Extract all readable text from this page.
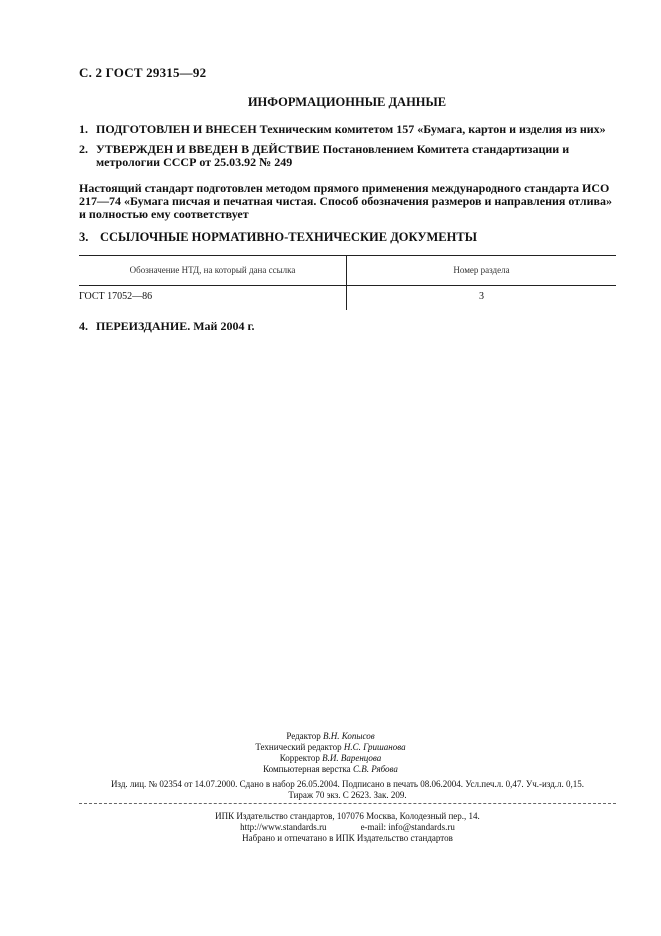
С. 2 ГОСТ 29315—92
ИНФОРМАЦИОННЫЕ ДАННЫЕ
1. ПОДГОТОВЛЕН И ВНЕСЕН Техническим комитетом 157 «Бумага, картон и изделия из них»
2. УТВЕРЖДЕН И ВВЕДЕН В ДЕЙСТВИЕ Постановлением Комитета стандартизации и метрологии СССР от 25.03.92 № 249
Настоящий стандарт подготовлен методом прямого применения международного стандарта ИСО 217—74 «Бумага писчая и печатная чистая. Способ обозначения размеров и направления отлива» и полностью ему соответствует
3. ССЫЛОЧНЫЕ НОРМАТИВНО-ТЕХНИЧЕСКИЕ ДОКУМЕНТЫ
Обозначение НТД, на который дана ссылка	Номер раздела
ГОСТ 17052—86	3
4. ПЕРЕИЗДАНИЕ. Май 2004 г.
Редактор В.Н. Копысов
Технический редактор Н.С. Гришанова
Корректор В.И. Варенцова
Компьютерная верстка С.В. Рябова
Изд. лиц. № 02354 от 14.07.2000. Сдано в набор 26.05.2004. Подписано в печать 08.06.2004. Усл.печ.л. 0,47. Уч.-изд.л. 0,15.
Тираж 70 экз. С 2623. Зак. 209.
ИПК Издательство стандартов, 107076 Москва, Колодезный пер., 14.
http://www.standards.ru	e-mail: info@standards.ru
Набрано и отпечатано в ИПК Издательство стандартов
